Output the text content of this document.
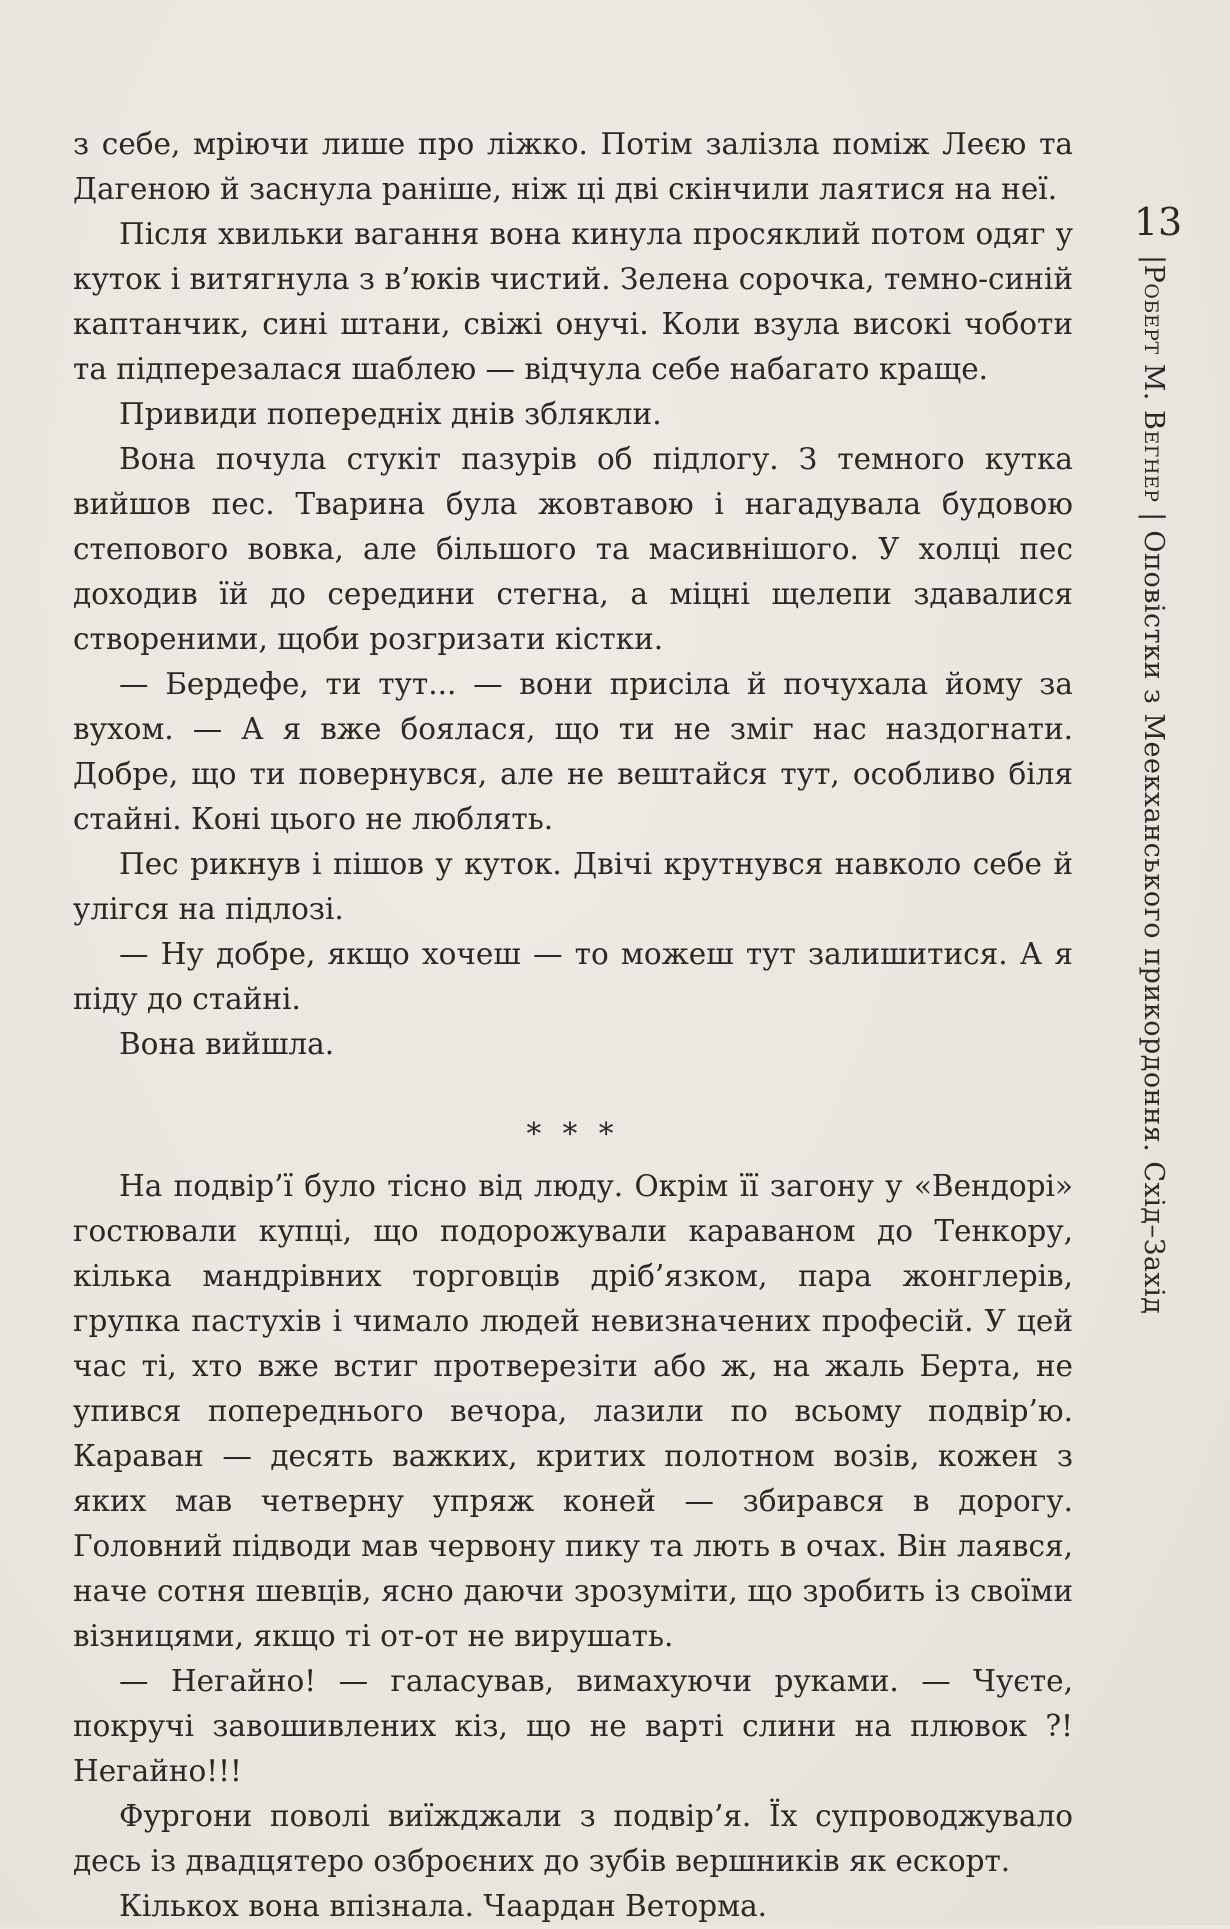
з себе, мріючи лише про ліжко. Потім залізла поміж Леєю та Дагеною й заснула раніше, ніж ці дві скінчили лаятися на неї.

Після хвильки вагання вона кинула просяклий потом одяг у куток і витягнула з в’юків чистий. Зелена сорочка, темно-синій каптанчик, сині штани, свіжі онучі. Коли взула високі чоботи та підперезалася шаблею — відчула себе набагато краще.

Привиди попередніх днів зблякли.

Вона почула стукіт пазурів об підлогу. З темного кутка вийшов пес. Тварина була жовтавою і нагадувала будовою степового вовка, але більшого та масивнішого. У холці пес доходив їй до середини стегна, а міцні щелепи здавалися створеними, щоби розгризати кістки.

— Бердефе, ти тут... — вони присіла й почухала йому за вухом. — А я вже боялася, що ти не зміг нас наздогнати. Добре, що ти повернувся, але не вештайся тут, особливо біля стайні. Коні цього не люблять.

Пес рикнув і пішов у куток. Двічі крутнувся навколо себе й улігся на підлозі.

— Ну добре, якщо хочеш — то можеш тут залишитися. А я піду до стайні.

Вона вийшла.

* * *

На подвір’ї було тісно від люду. Окрім її загону у «Вендорі» гостювали купці, що подорожували караваном до Тенкору, кілька мандрівних торговців дріб’язком, пара жонглерів, групка пастухів і чимало людей невизначених професій. У цей час ті, хто вже встиг протверезіти або ж, на жаль Берта, не упився попереднього вечора, лазили по всьому подвір’ю. Караван — десять важких, критих полотном возів, кожен з яких мав четверну упряж коней — збирався в дорогу. Головний підводи мав червону пику та лють в очах. Він лаявся, наче сотня шевців, ясно даючи зрозуміти, що зробить із своїми візницями, якщо ті от-от не вирушать.

— Негайно! — галасував, вимахуючи руками. — Чуєте, покручі завошивлених кіз, що не варті слини на плювок ?! Негайно!!!

Фургони поволі виїжджали з подвір’я. Їх супроводжувало десь із двадцятеро озброєних до зубів вершників як ескорт.

Кількох вона впізнала. Чаардан Веторма.

13
|Роберт М. Вегнер | Оповістки з Меекханського прикордоння. Схід–Захід
